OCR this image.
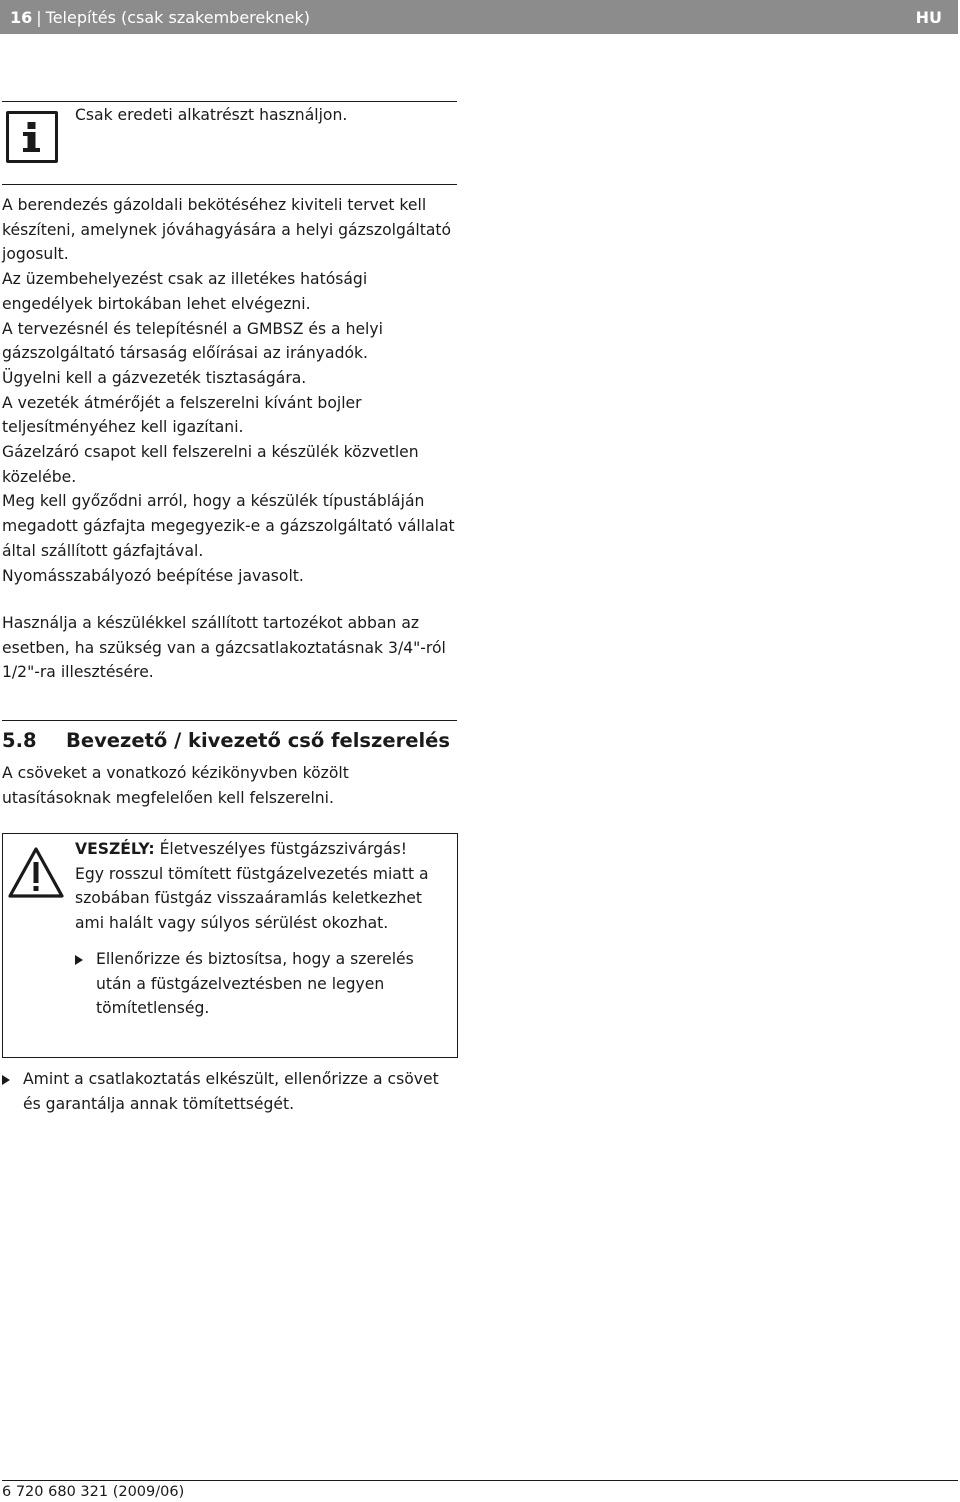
16 | Telepítés (csak szakembereknek)	HU
Csak eredeti alkatrészt használjon.

A berendezés gázoldali bekötéséhez kiviteli tervet kell készíteni, amelynek jóváhagyására a helyi gázszolgáltató jogosult.

Az üzembehelyezést csak az illetékes hatósági engedélyek birtokában lehet elvégezni.

A tervezésnél és telepítésnél a GMBSZ és a helyi gázszolgáltató társaság előírásai az irányadók.

Ügyelni kell a gázvezeték tisztaságára.

A vezeték átmérőjét a felszerelni kívánt bojler teljesítményéhez kell igazítani.

Gázelzáró csapot kell felszerelni a készülék közvetlen közelébe.

Meg kell győződni arról, hogy a készülék típustábláján megadott gázfajta megegyezik-e a gázszolgáltató vállalat által szállított gázfajtával.

Nyomásszabályozó beépítése javasolt.

Használja a készülékkel szállított tartozékot abban az esetben, ha szükség van a gázcsatlakoztatásnak 3/4"-ról 1/2"-ra illesztésére.

5.8 Bevezető / kivezető cső felszerelés

A csöveket a vonatkozó kézikönyvben közölt utasításoknak megfelelően kell felszerelni.

VESZÉLY: Életveszélyes füstgázszivárgás!

Egy rosszul tömített füstgázelvezetés miatt a szobában füstgáz visszaáramlás keletkezhet ami halált vagy súlyos sérülést okozhat.

Ellenőrizze és biztosítsa, hogy a szerelés után a füstgázelveztésben ne legyen tömítetlenség.

Amint a csatlakoztatás elkészült, ellenőrizze a csövet és garantálja annak tömítettségét.

6 720 680 321 (2009/06)
